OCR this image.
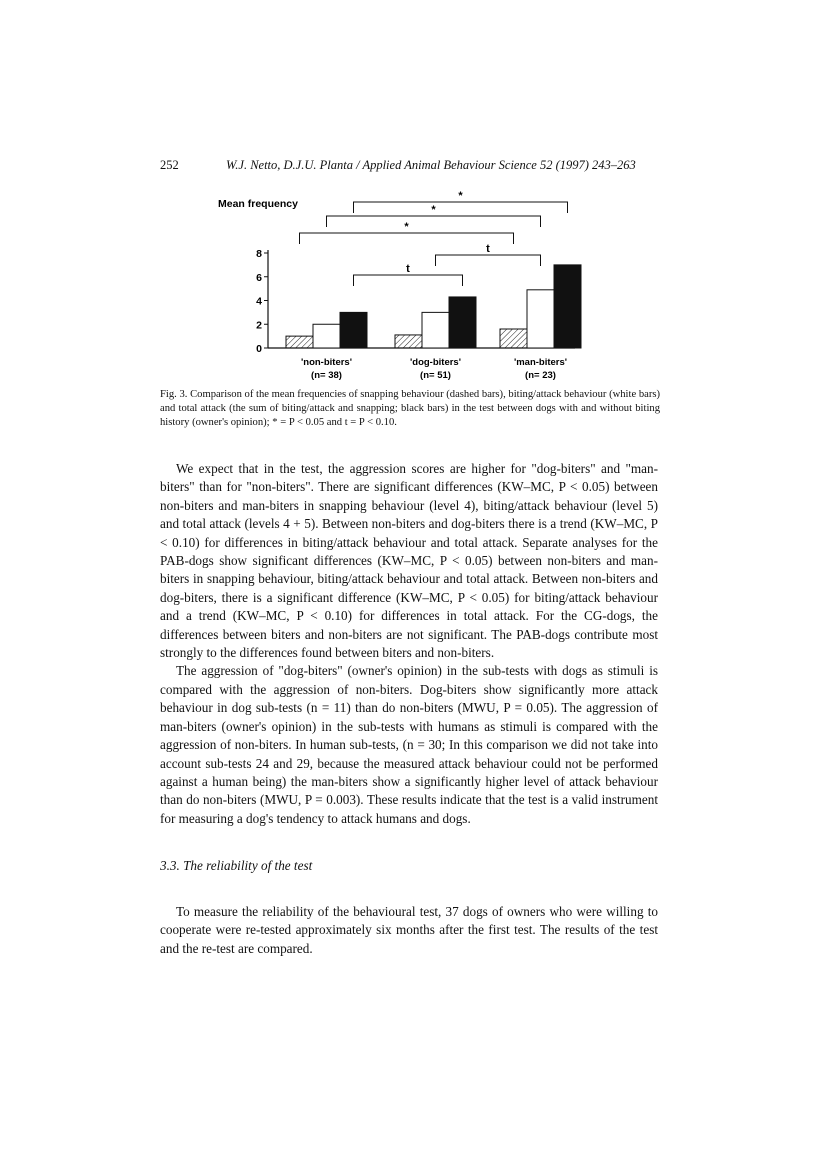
252	W.J. Netto, D.J.U. Planta / Applied Animal Behaviour Science 52 (1997) 243–263
Mean frequency
0
2
4
6
8
'non-biters'
(n= 38)
'dog-biters'
(n= 51)
'man-biters'
(n= 23)
*
*
*
t
t
Fig. 3. Comparison of the mean frequencies of snapping behaviour (dashed bars), biting/attack behaviour (white bars) and total attack (the sum of biting/attack and snapping; black bars) in the test between dogs with and without biting history (owner's opinion); * = P < 0.05 and t = P < 0.10.

We expect that in the test, the aggression scores are higher for "dog-biters" and "man-biters" than for "non-biters". There are significant differences (KW–MC, P < 0.05) between non-biters and man-biters in snapping behaviour (level 4), biting/attack behaviour (level 5) and total attack (levels 4 + 5). Between non-biters and dog-biters there is a trend (KW–MC, P < 0.10) for differences in biting/attack behaviour and total attack. Separate analyses for the PAB-dogs show significant differences (KW–MC, P < 0.05) between non-biters and man-biters in snapping behaviour, biting/attack behaviour and total attack. Between non-biters and dog-biters, there is a significant difference (KW–MC, P < 0.05) for biting/attack behaviour and a trend (KW–MC, P < 0.10) for differences in total attack. For the CG-dogs, the differences between biters and non-biters are not significant. The PAB-dogs contribute most strongly to the differences found between biters and non-biters.

The aggression of "dog-biters" (owner's opinion) in the sub-tests with dogs as stimuli is compared with the aggression of non-biters. Dog-biters show significantly more attack behaviour in dog sub-tests (n = 11) than do non-biters (MWU, P = 0.05). The aggression of man-biters (owner's opinion) in the sub-tests with humans as stimuli is compared with the aggression of non-biters. In human sub-tests, (n = 30; In this comparison we did not take into account sub-tests 24 and 29, because the measured attack behaviour could not be performed against a human being) the man-biters show a significantly higher level of attack behaviour than do non-biters (MWU, P = 0.003). These results indicate that the test is a valid instrument for measuring a dog's tendency to attack humans and dogs.

3.3. The reliability of the test

To measure the reliability of the behavioural test, 37 dogs of owners who were willing to cooperate were re-tested approximately six months after the first test. The results of the test and the re-test are compared.
